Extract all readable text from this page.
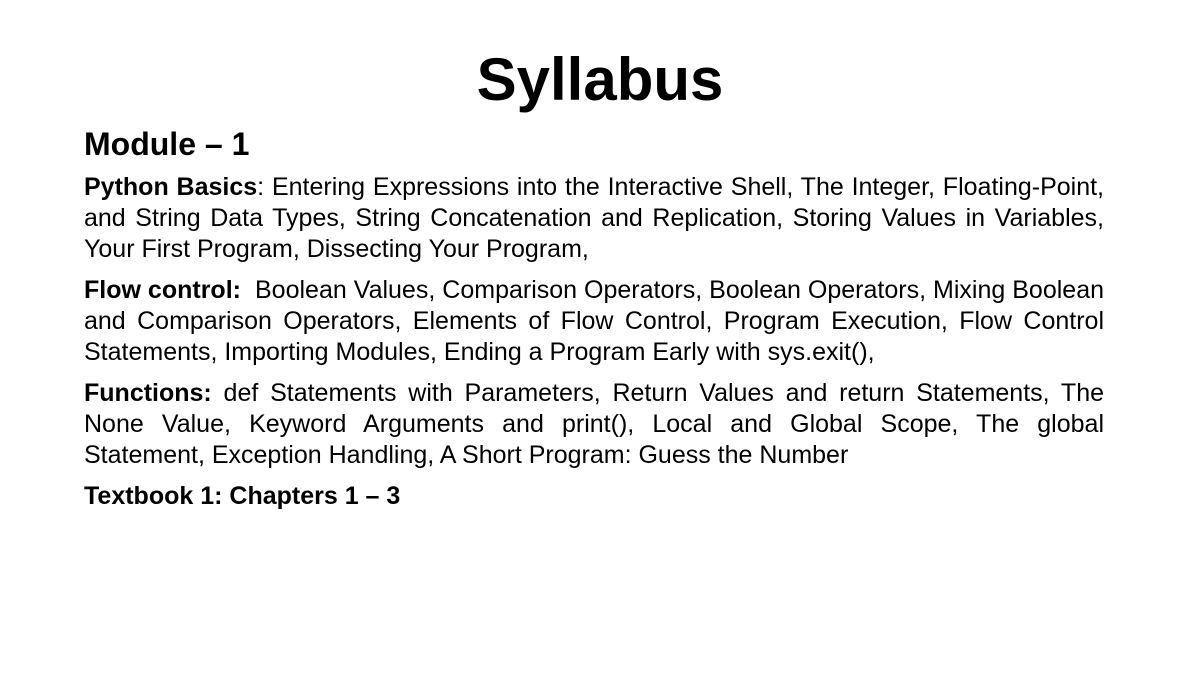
Syllabus
Module – 1

Python Basics: Entering Expressions into the Interactive Shell, The Integer, Floating-Point, and String Data Types, String Concatenation and Replication, Storing Values in Variables, Your First Program, Dissecting Your Program,

Flow control: Boolean Values, Comparison Operators, Boolean Operators, Mixing Boolean and Comparison Operators, Elements of Flow Control, Program Execution, Flow Control Statements, Importing Modules, Ending a Program Early with sys.exit(),

Functions: def Statements with Parameters, Return Values and return Statements, The None Value, Keyword Arguments and print(), Local and Global Scope, The global Statement, Exception Handling, A Short Program: Guess the Number

Textbook 1: Chapters 1 – 3
